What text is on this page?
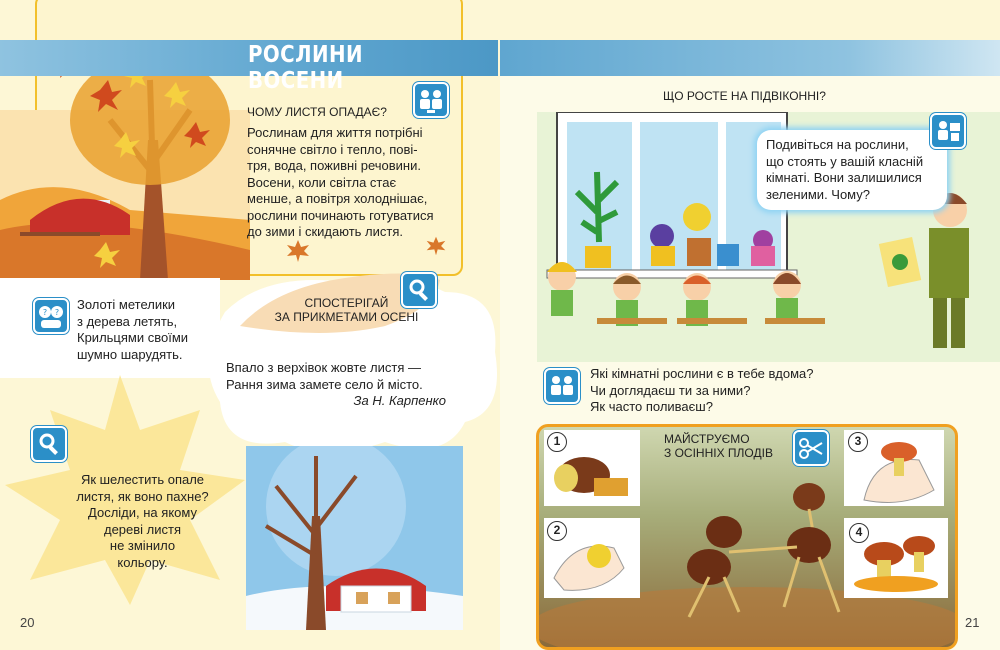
РОСЛИНИ ВОСЕНИ
ЧОМУ ЛИСТЯ ОПАДАЄ?
Рослинам для життя потрібні
сонячне світло і тепло, пові-
тря, вода, поживні речовини.
Восени, коли світла стає
менше, а повітря холоднішає,
рослини починають готуватися
до зими і скидають листя.
? ?
Золоті метелики
з дерева летять,
Крильцями своїми
шумно шарудять.
СПОСТЕРІГАЙ
ЗА ПРИКМЕТАМИ ОСЕНІ
Впало з верхівок жовте листя —
Рання зима замете село й місто.
За Н. Карпенко
Як шелестить опале
листя, як воно пахне?
Досліди, на якому
дереві листя
не змінило
кольору.
20
ЩО РОСТЕ НА ПІДВІКОННІ?
Подивіться на рослини,
що стоять у вашій класній
кімнаті. Вони залишилися
зеленими. Чому?
Які кімнатні рослини є в тебе вдома?
Чи доглядаєш ти за ними?
Як часто поливаєш?
1
2
3
4
МАЙСТРУЄМО
З ОСІННІХ ПЛОДІВ
21
